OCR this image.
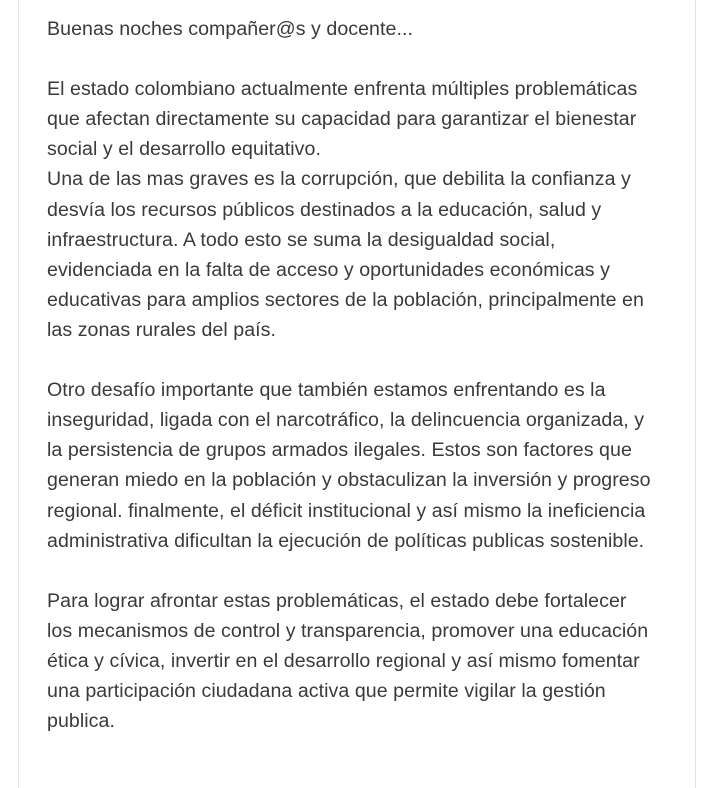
Buenas noches compañer@s y docente...

El estado colombiano actualmente enfrenta múltiples problemáticas
que afectan directamente su capacidad para garantizar el bienestar
social y el desarrollo equitativo.
Una de las mas graves es la corrupción, que debilita la confianza y
desvía los recursos públicos destinados a la educación, salud y
infraestructura. A todo esto se suma la desigualdad social,
evidenciada en la falta de acceso y oportunidades económicas y
educativas para amplios sectores de la población, principalmente en
las zonas rurales del país.

Otro desafío importante que también estamos enfrentando es la
inseguridad, ligada con el narcotráfico, la delincuencia organizada, y
la persistencia de grupos armados ilegales. Estos son factores que
generan miedo en la población y obstaculizan la inversión y progreso
regional. finalmente, el déficit institucional y así mismo la ineficiencia
administrativa dificultan la ejecución de políticas publicas sostenible.

Para lograr afrontar estas problemáticas, el estado debe fortalecer
los mecanismos de control y transparencia, promover una educación
ética y cívica, invertir en el desarrollo regional y así mismo fomentar
una participación ciudadana activa que permite vigilar la gestión
publica.
